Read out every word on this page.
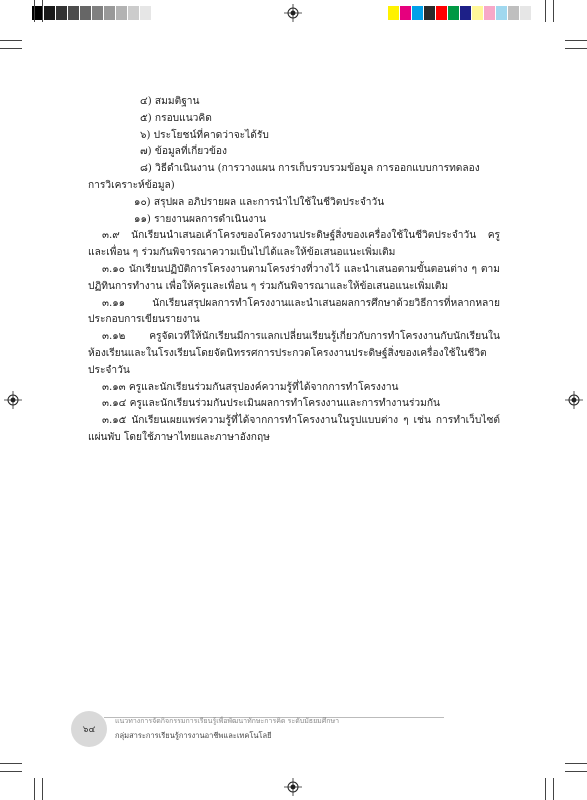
๔) สมมติฐาน
๕) กรอบแนวคิด
๖) ประโยชน์ที่คาดว่าจะได้รับ
๗) ข้อมูลที่เกี่ยวข้อง
๘) วิธีดำเนินงาน (การวางแผน การเก็บรวบรวมข้อมูล การออกแบบการทดลอง
การวิเคราะห์ข้อมูล)
๑๐) สรุปผล อภิปรายผล และการนำไปใช้ในชีวิตประจำวัน
๑๑) รายงานผลการดำเนินงาน
๓.๙ นักเรียนนำเสนอเค้าโครงของโครงงานประดิษฐ์สิ่งของเครื่องใช้ในชีวิตประจำวัน ครูและเพื่อน ๆ ร่วมกันพิจารณาความเป็นไปได้และให้ข้อเสนอแนะเพิ่มเติม
๓.๑๐ นักเรียนปฏิบัติการโครงงานตามโครงร่างที่วางไว้ และนำเสนอตามขั้นตอนต่าง ๆ ตามปฏิทินการทำงาน เพื่อให้ครูและเพื่อน ๆ ร่วมกันพิจารณาและให้ข้อเสนอแนะเพิ่มเติม
๓.๑๑ นักเรียนสรุปผลการทำโครงงานและนำเสนอผลการศึกษาด้วยวิธีการที่หลากหลาย ประกอบการเขียนรายงาน
๓.๑๒ ครูจัดเวทีให้นักเรียนมีการแลกเปลี่ยนเรียนรู้เกี่ยวกับการทำโครงงานกับนักเรียนในห้องเรียนและในโรงเรียนโดยจัดนิทรรศการประกวดโครงงานประดิษฐ์สิ่งของเครื่องใช้ในชีวิตประจำวัน
๓.๑๓ ครูและนักเรียนร่วมกันสรุปองค์ความรู้ที่ได้จากการทำโครงงาน
๓.๑๔ ครูและนักเรียนร่วมกันประเมินผลการทำโครงงานและการทำงานร่วมกัน
๓.๑๕ นักเรียนเผยแพร่ความรู้ที่ได้จากการทำโครงงานในรูปแบบต่าง ๆ เช่น การทำเว็บไซต์ แผ่นพับ โดยใช้ภาษาไทยและภาษาอังกฤษ
๖๔
แนวทางการจัดกิจกรรมการเรียนรู้เพื่อพัฒนาทักษะการคิด ระดับมัธยมศึกษา
กลุ่มสาระการเรียนรู้การงานอาชีพและเทคโนโลยี
